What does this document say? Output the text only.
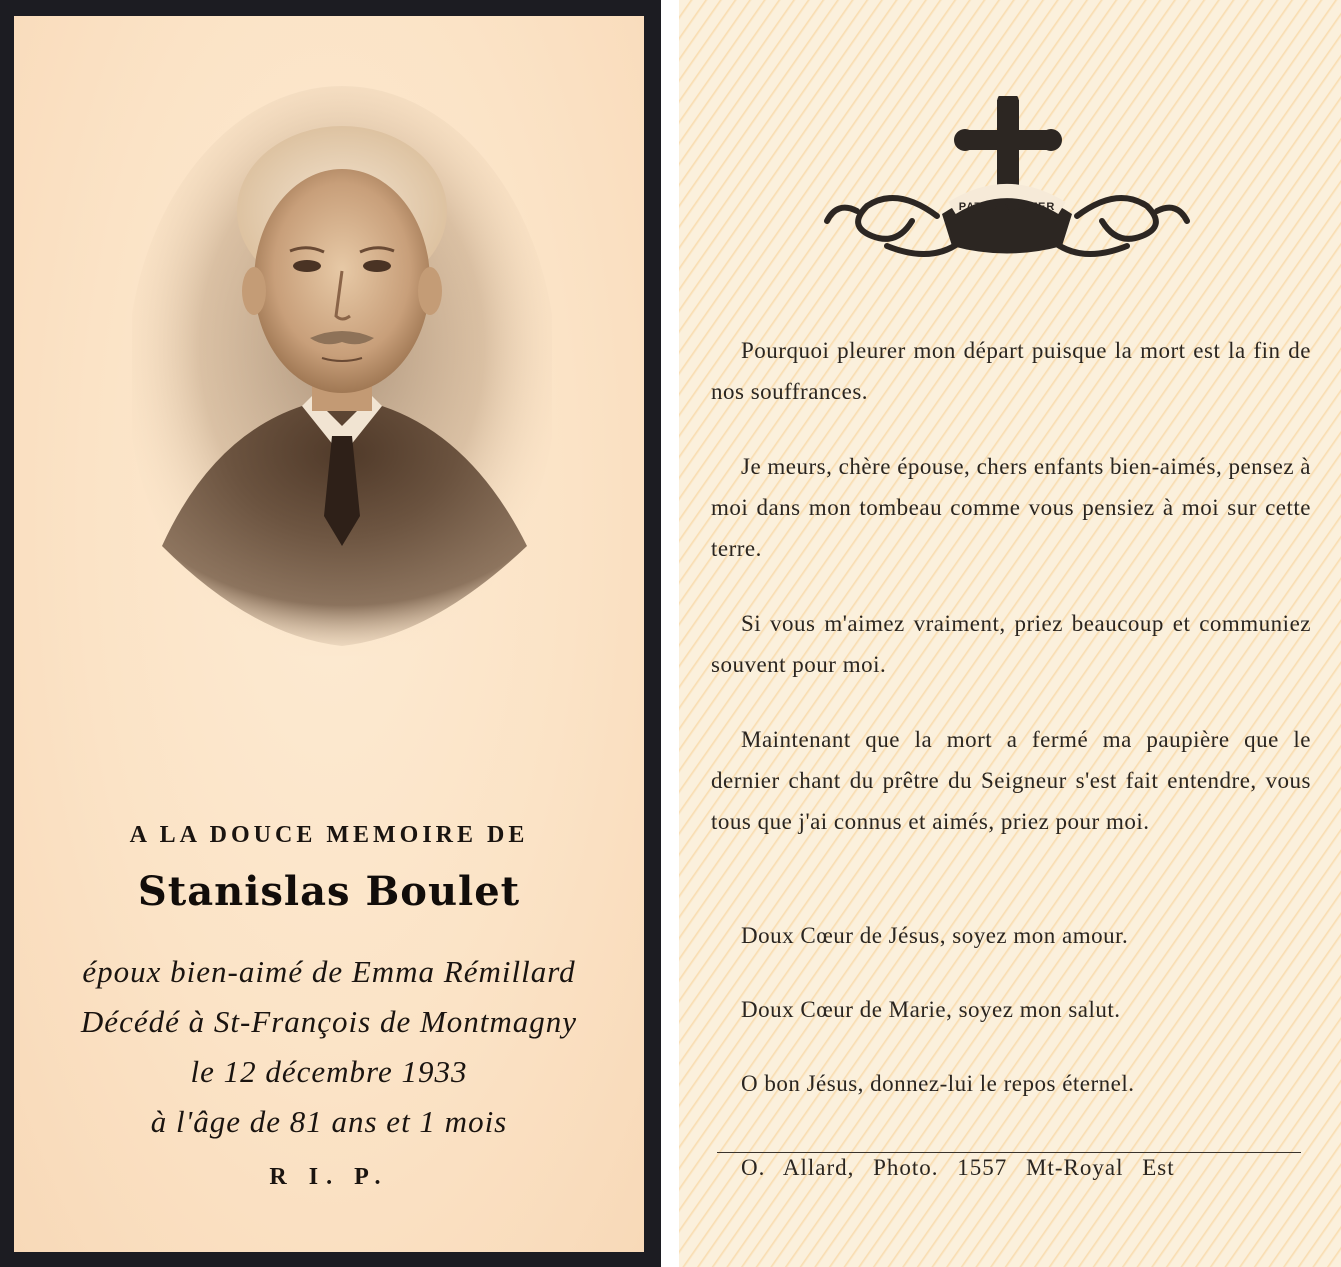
A LA DOUCE MEMOIRE DE
Stanislas Boulet
époux bien-aimé de Emma Rémillard
Décédé à St-François de Montmagny
le 12 décembre 1933
à l'âge de 81 ans et 1 mois
R I. P.
PATER NOSTER
Pourquoi pleurer mon départ puisque la mort est la fin de nos souffrances.
Je meurs, chère épouse, chers enfants bien-aimés, pensez à moi dans mon tombeau comme vous pensiez à moi sur cette terre.
Si vous m'aimez vraiment, priez beaucoup et communiez souvent pour moi.
Maintenant que la mort a fermé ma paupière que le dernier chant du prêtre du Seigneur s'est fait entendre, vous tous que j'ai connus et aimés, priez pour moi.
Doux Cœur de Jésus, soyez mon amour.
Doux Cœur de Marie, soyez mon salut.
O bon Jésus, donnez-lui le repos éternel.
O. Allard, Photo. 1557 Mt-Royal Est
